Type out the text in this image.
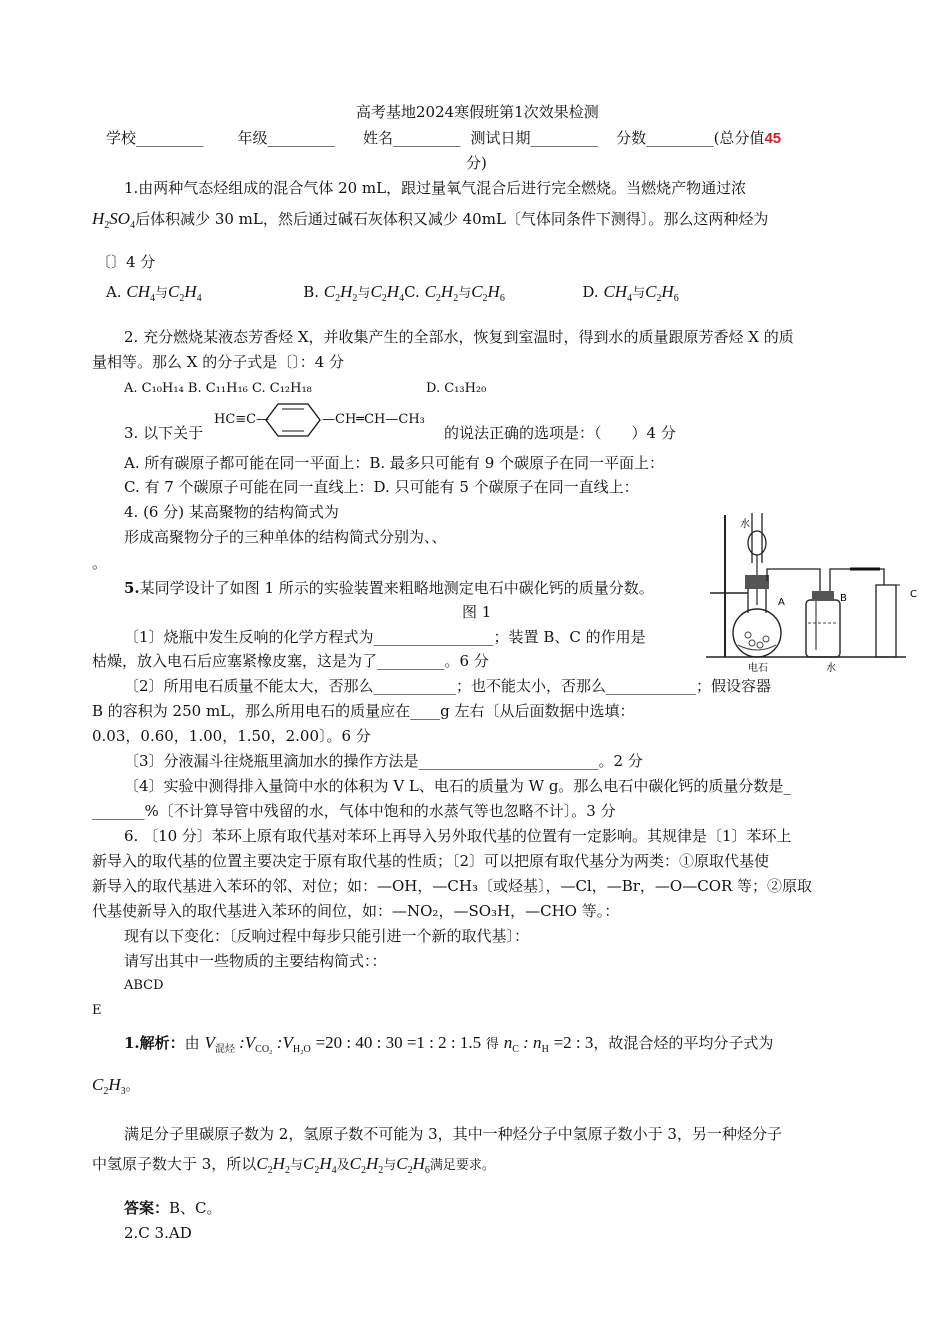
高考基地2024寒假班第1次效果检测
学校_________ 年级_________ 姓名_________ 测试日期_________ 分数_________(总分值45
分)
1.由两种气态烃组成的混合气体 20 mL，跟过量氧气混合后进行完全燃烧。当燃烧产物通过浓
$H_2SO_4$后体积减少 30 mL，然后通过碱石灰体积又减少 40mL〔气体同条件下测得〕。那么这两种烃为
〔〕4 分
A. $CH_4$与$C_2H_4$	B. $C_2H_2$与$C_2H_4C$. $C_2H_2$与$C_2H_6$	D. $CH_4$与$C_2H_6$
2. 充分燃烧某液态芳香烃 X，并收集产生的全部水，恢复到室温时，得到水的质量跟原芳香烃 X 的质
量相等。那么 X 的分子式是〔〕：4 分
A. C₁₀H₁₄ B. C₁₁H₁₆ C. C₁₂H₁₈	D. C₁₃H₂₀
3. 以下关于
HC≡C—	—CH═CH—CH₃
的说法正确的选项是：（　　）4 分
A. 所有碳原子都可能在同一平面上：B. 最多只可能有 9 个碳原子在同一平面上：
C. 有 7 个碳原子可能在同一直线上：D. 只可能有 5 个碳原子在同一直线上：
4. (6 分) 某高聚物的结构简式为
形成高聚物分子的三种单体的结构简式分别为、、
。
5.某同学设计了如图 1 所示的实验装置来粗略地测定电石中碳化钙的质量分数。
图 1
〔1〕烧瓶中发生反响的化学方程式为________________；装置 B、C 的作用是
枯燥，放入电石后应塞紧橡皮塞，这是为了_________。6 分
〔2〕所用电石质量不能太大，否那么___________；也不能太小，否那么____________；假设容器
B 的容积为 250 mL，那么所用电石的质量应在____g 左右〔从后面数据中选填：
0.03，0.60，1.00，1.50，2.00〕。6 分
〔3〕分液漏斗往烧瓶里滴加水的操作方法是________________________。2 分
〔4〕实验中测得排入量筒中水的体积为 V L、电石的质量为 W g。那么电石中碳化钙的质量分数是_
_______%〔不计算导管中残留的水，气体中饱和的水蒸气等也忽略不计〕。3 分
水
A	B	C
电石	水
6. 〔10 分〕苯环上原有取代基对苯环上再导入另外取代基的位置有一定影响。其规律是〔1〕苯环上
新导入的取代基的位置主要决定于原有取代基的性质；〔2〕可以把原有取代基分为两类：①原取代基使
新导入的取代基进入苯环的邻、对位；如：—OH，—CH₃〔或烃基〕，—Cl，—Br，—O—COR 等；②原取
代基使新导入的取代基进入苯环的间位，如：—NO₂，—SO₃H，—CHO 等。：
现有以下变化：〔反响过程中每步只能引进一个新的取代基〕：
请写出其中一些物质的主要结构简式：：
ABCD
E
1.解析：由 $V_{混烃}$ $:V_{CO_2}$ $:V_{H_2O} =20$ : 40 : 30 =1 : 2 : 1.5 得 $n_C$ : $n_H =2$ : 3，故混合烃的平均分子式为
$C_2H_3$。
满足分子里碳原子数为 2，氢原子数不可能为 3，其中一种烃分子中氢原子数小于 3，另一种烃分子
中氢原子数大于 3，所以$C_2H_2$与$C_2H_4$及$C_2H_2$与$C_2H_6$满足要求。
答案：B、C。
2.C 3.AD
